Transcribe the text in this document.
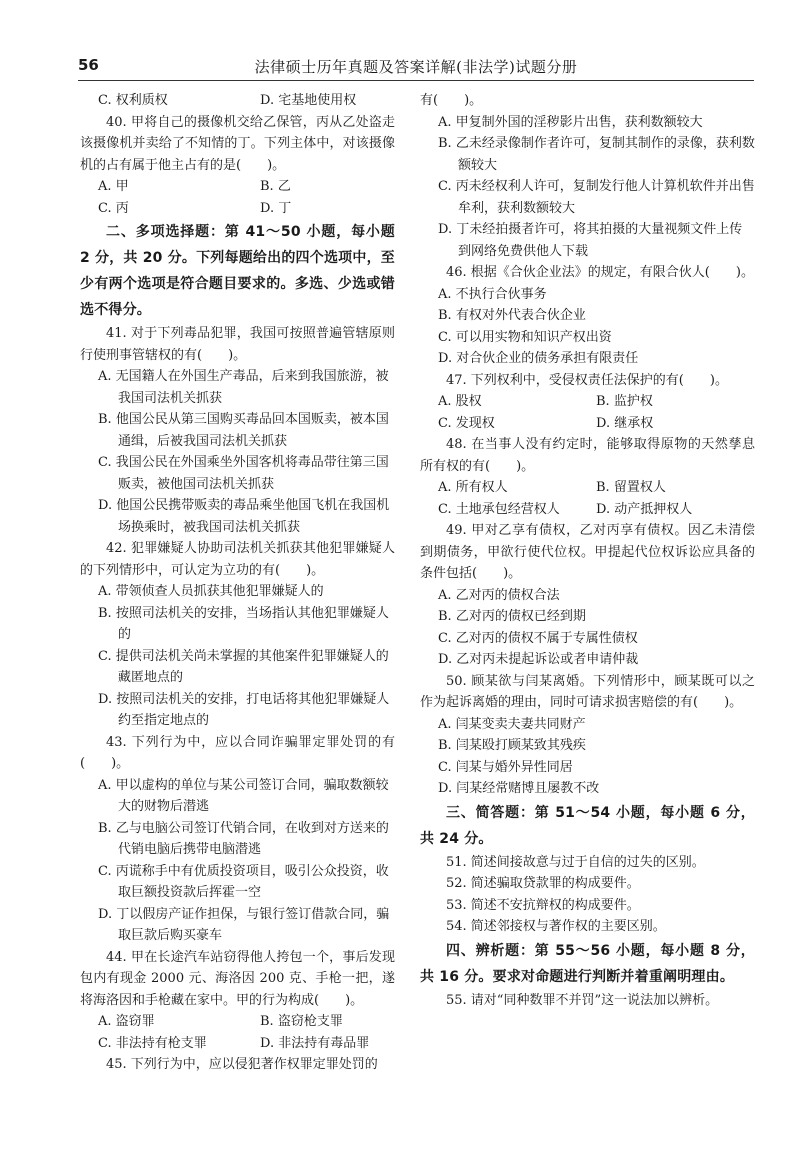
56	法律硕士历年真题及答案详解(非法学)试题分册
C. 权利质权	D. 宅基地使用权

40. 甲将自己的摄像机交给乙保管，丙从乙处盗走该摄像机并卖给了不知情的丁。下列主体中，对该摄像机的占有属于他主占有的是(　　)。

A. 甲	B. 乙
C. 丙	D. 丁

二、多项选择题：第 41～50 小题，每小题 2 分，共 20 分。下列每题给出的四个选项中，至少有两个选项是符合题目要求的。多选、少选或错选不得分。

41. 对于下列毒品犯罪，我国可按照普遍管辖原则行使刑事管辖权的有(　　)。

A. 无国籍人在外国生产毒品，后来到我国旅游，被我国司法机关抓获
B. 他国公民从第三国购买毒品回本国贩卖，被本国通缉，后被我国司法机关抓获
C. 我国公民在外国乘坐外国客机将毒品带往第三国贩卖，被他国司法机关抓获
D. 他国公民携带贩卖的毒品乘坐他国飞机在我国机场换乘时，被我国司法机关抓获

42. 犯罪嫌疑人协助司法机关抓获其他犯罪嫌疑人的下列情形中，可认定为立功的有(　　)。

A. 带领侦查人员抓获其他犯罪嫌疑人的
B. 按照司法机关的安排，当场指认其他犯罪嫌疑人的
C. 提供司法机关尚未掌握的其他案件犯罪嫌疑人的藏匿地点的
D. 按照司法机关的安排，打电话将其他犯罪嫌疑人约至指定地点的

43. 下列行为中，应以合同诈骗罪定罪处罚的有(　　)。

A. 甲以虚构的单位与某公司签订合同，骗取数额较大的财物后潜逃
B. 乙与电脑公司签订代销合同，在收到对方送来的代销电脑后携带电脑潜逃
C. 丙谎称手中有优质投资项目，吸引公众投资，收取巨额投资款后挥霍一空
D. 丁以假房产证作担保，与银行签订借款合同，骗取巨款后购买豪车

44. 甲在长途汽车站窃得他人挎包一个，事后发现包内有现金 2000 元、海洛因 200 克、手枪一把，遂将海洛因和手枪藏在家中。甲的行为构成(　　)。

A. 盗窃罪	B. 盗窃枪支罪
C. 非法持有枪支罪	D. 非法持有毒品罪

45. 下列行为中，应以侵犯著作权罪定罪处罚的

有(　　)。

A. 甲复制外国的淫秽影片出售，获利数额较大
B. 乙未经录像制作者许可，复制其制作的录像，获利数额较大
C. 丙未经权利人许可，复制发行他人计算机软件并出售牟利，获利数额较大
D. 丁未经拍摄者许可，将其拍摄的大量视频文件上传到网络免费供他人下载

46. 根据《合伙企业法》的规定，有限合伙人(　　)。

A. 不执行合伙事务
B. 有权对外代表合伙企业
C. 可以用实物和知识产权出资
D. 对合伙企业的债务承担有限责任

47. 下列权利中，受侵权责任法保护的有(　　)。

A. 股权	B. 监护权
C. 发现权	D. 继承权

48. 在当事人没有约定时，能够取得原物的天然孳息所有权的有(　　)。

A. 所有权人	B. 留置权人
C. 土地承包经营权人	D. 动产抵押权人

49. 甲对乙享有债权，乙对丙享有债权。因乙未清偿到期债务，甲欲行使代位权。甲提起代位权诉讼应具备的条件包括(　　)。

A. 乙对丙的债权合法
B. 乙对丙的债权已经到期
C. 乙对丙的债权不属于专属性债权
D. 乙对丙未提起诉讼或者申请仲裁

50. 顾某欲与闫某离婚。下列情形中，顾某既可以之作为起诉离婚的理由，同时可请求损害赔偿的有(　　)。

A. 闫某变卖夫妻共同财产
B. 闫某殴打顾某致其残疾
C. 闫某与婚外异性同居
D. 闫某经常赌博且屡教不改

三、简答题：第 51～54 小题，每小题 6 分，共 24 分。

51. 简述间接故意与过于自信的过失的区别。

52. 简述骗取贷款罪的构成要件。

53. 简述不安抗辩权的构成要件。

54. 简述邻接权与著作权的主要区别。

四、辨析题：第 55～56 小题，每小题 8 分，共 16 分。要求对命题进行判断并着重阐明理由。

55. 请对“同种数罪不并罚”这一说法加以辨析。
